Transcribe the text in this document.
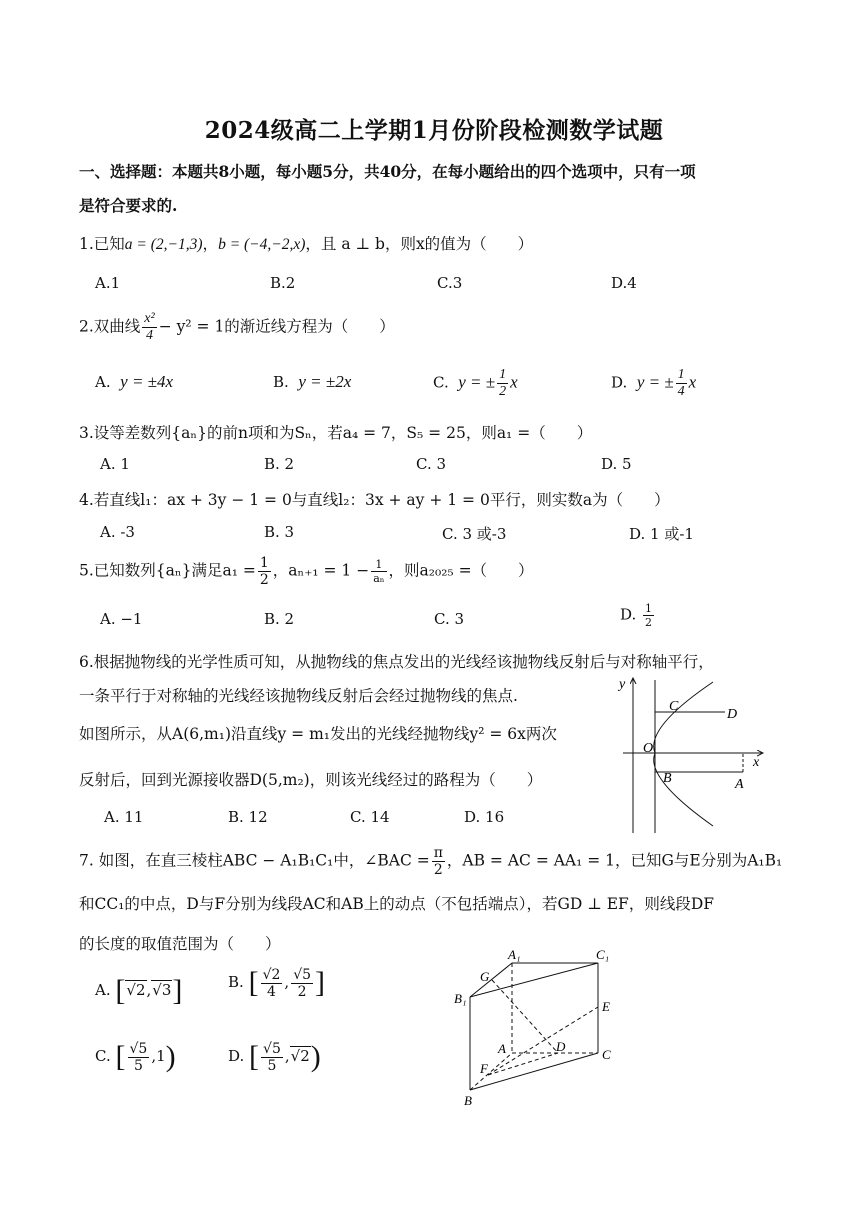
2024级高二上学期1月份阶段检测数学试题
一、选择题：本题共8小题，每小题5分，共40分，在每小题给出的四个选项中，只有一项
是符合要求的.
1.已知a = (2,−1,3)，b = (−4,−2,x)，且 a ⊥ b，则x的值为（　　）
A.1	B.2	C.3	D.4
2.双曲线 $\frac{\text{x²}}{4} - y^2 = 1$的渐近线方程为（　　）
A. y = ±4x	B. y = ±2x	C. y = ± $\frac{1}{2}$ x	D. y = ± $\frac{1}{4}$ x
3.设等差数列{aₙ}的前n项和为Sₙ，若a₄ = 7，S₅ = 25，则a₁ =（　　）
A. 1	B. 2	C. 3	D. 5
4.若直线l₁：ax + 3y − 1 = 0与直线l₂：3x + ay + 1 = 0平行，则实数a为（　　）
A. -3	B. 3	C. 3 或-3	D. 1 或-1
5.已知数列{aₙ}满足$a_1 = \frac{1}{2}$ ，$a_{n+1} = 1 - \frac{1}{\text{aₙ}}$ ，则a₂₀₂₅ =（　　）
A. −1	B. 2	C. 3	D. $\frac{1}{2}$
6.根据抛物线的光学性质可知，从抛物线的焦点发出的光线经该抛物线反射后与对称轴平行，
一条平行于对称轴的光线经该抛物线反射后会经过抛物线的焦点.
如图所示，从A(6,m₁)沿直线y = m₁发出的光线经抛物线y² = 6x两次
反射后，回到光源接收器D(5,m₂)，则该光线经过的路程为（　　）
A. 11	B. 12	C. 14	D. 16
y
x
O
C
D
B	A
7. 如图，在直三棱柱ABC − A₁B₁C₁中，∠BAC = $\frac{\pi}{2}$ ，AB = AC = AA₁ = 1，已知G与E分别为A₁B₁
和CC₁的中点，D与F分别为线段AC和AB上的动点（不包括端点），若GD ⊥ EF，则线段DF
的长度的取值范围为（　　）
A. [√2,√3]	B. [ $\frac{√2}{4}$ , $\frac{√5}{2}$ ]
C. [ $\frac{√5}{5} ,1$)	D. [ $\frac{√5}{5} ,√2$)
A₁	C₁
B₁
G
E
A	D
C
F
B
